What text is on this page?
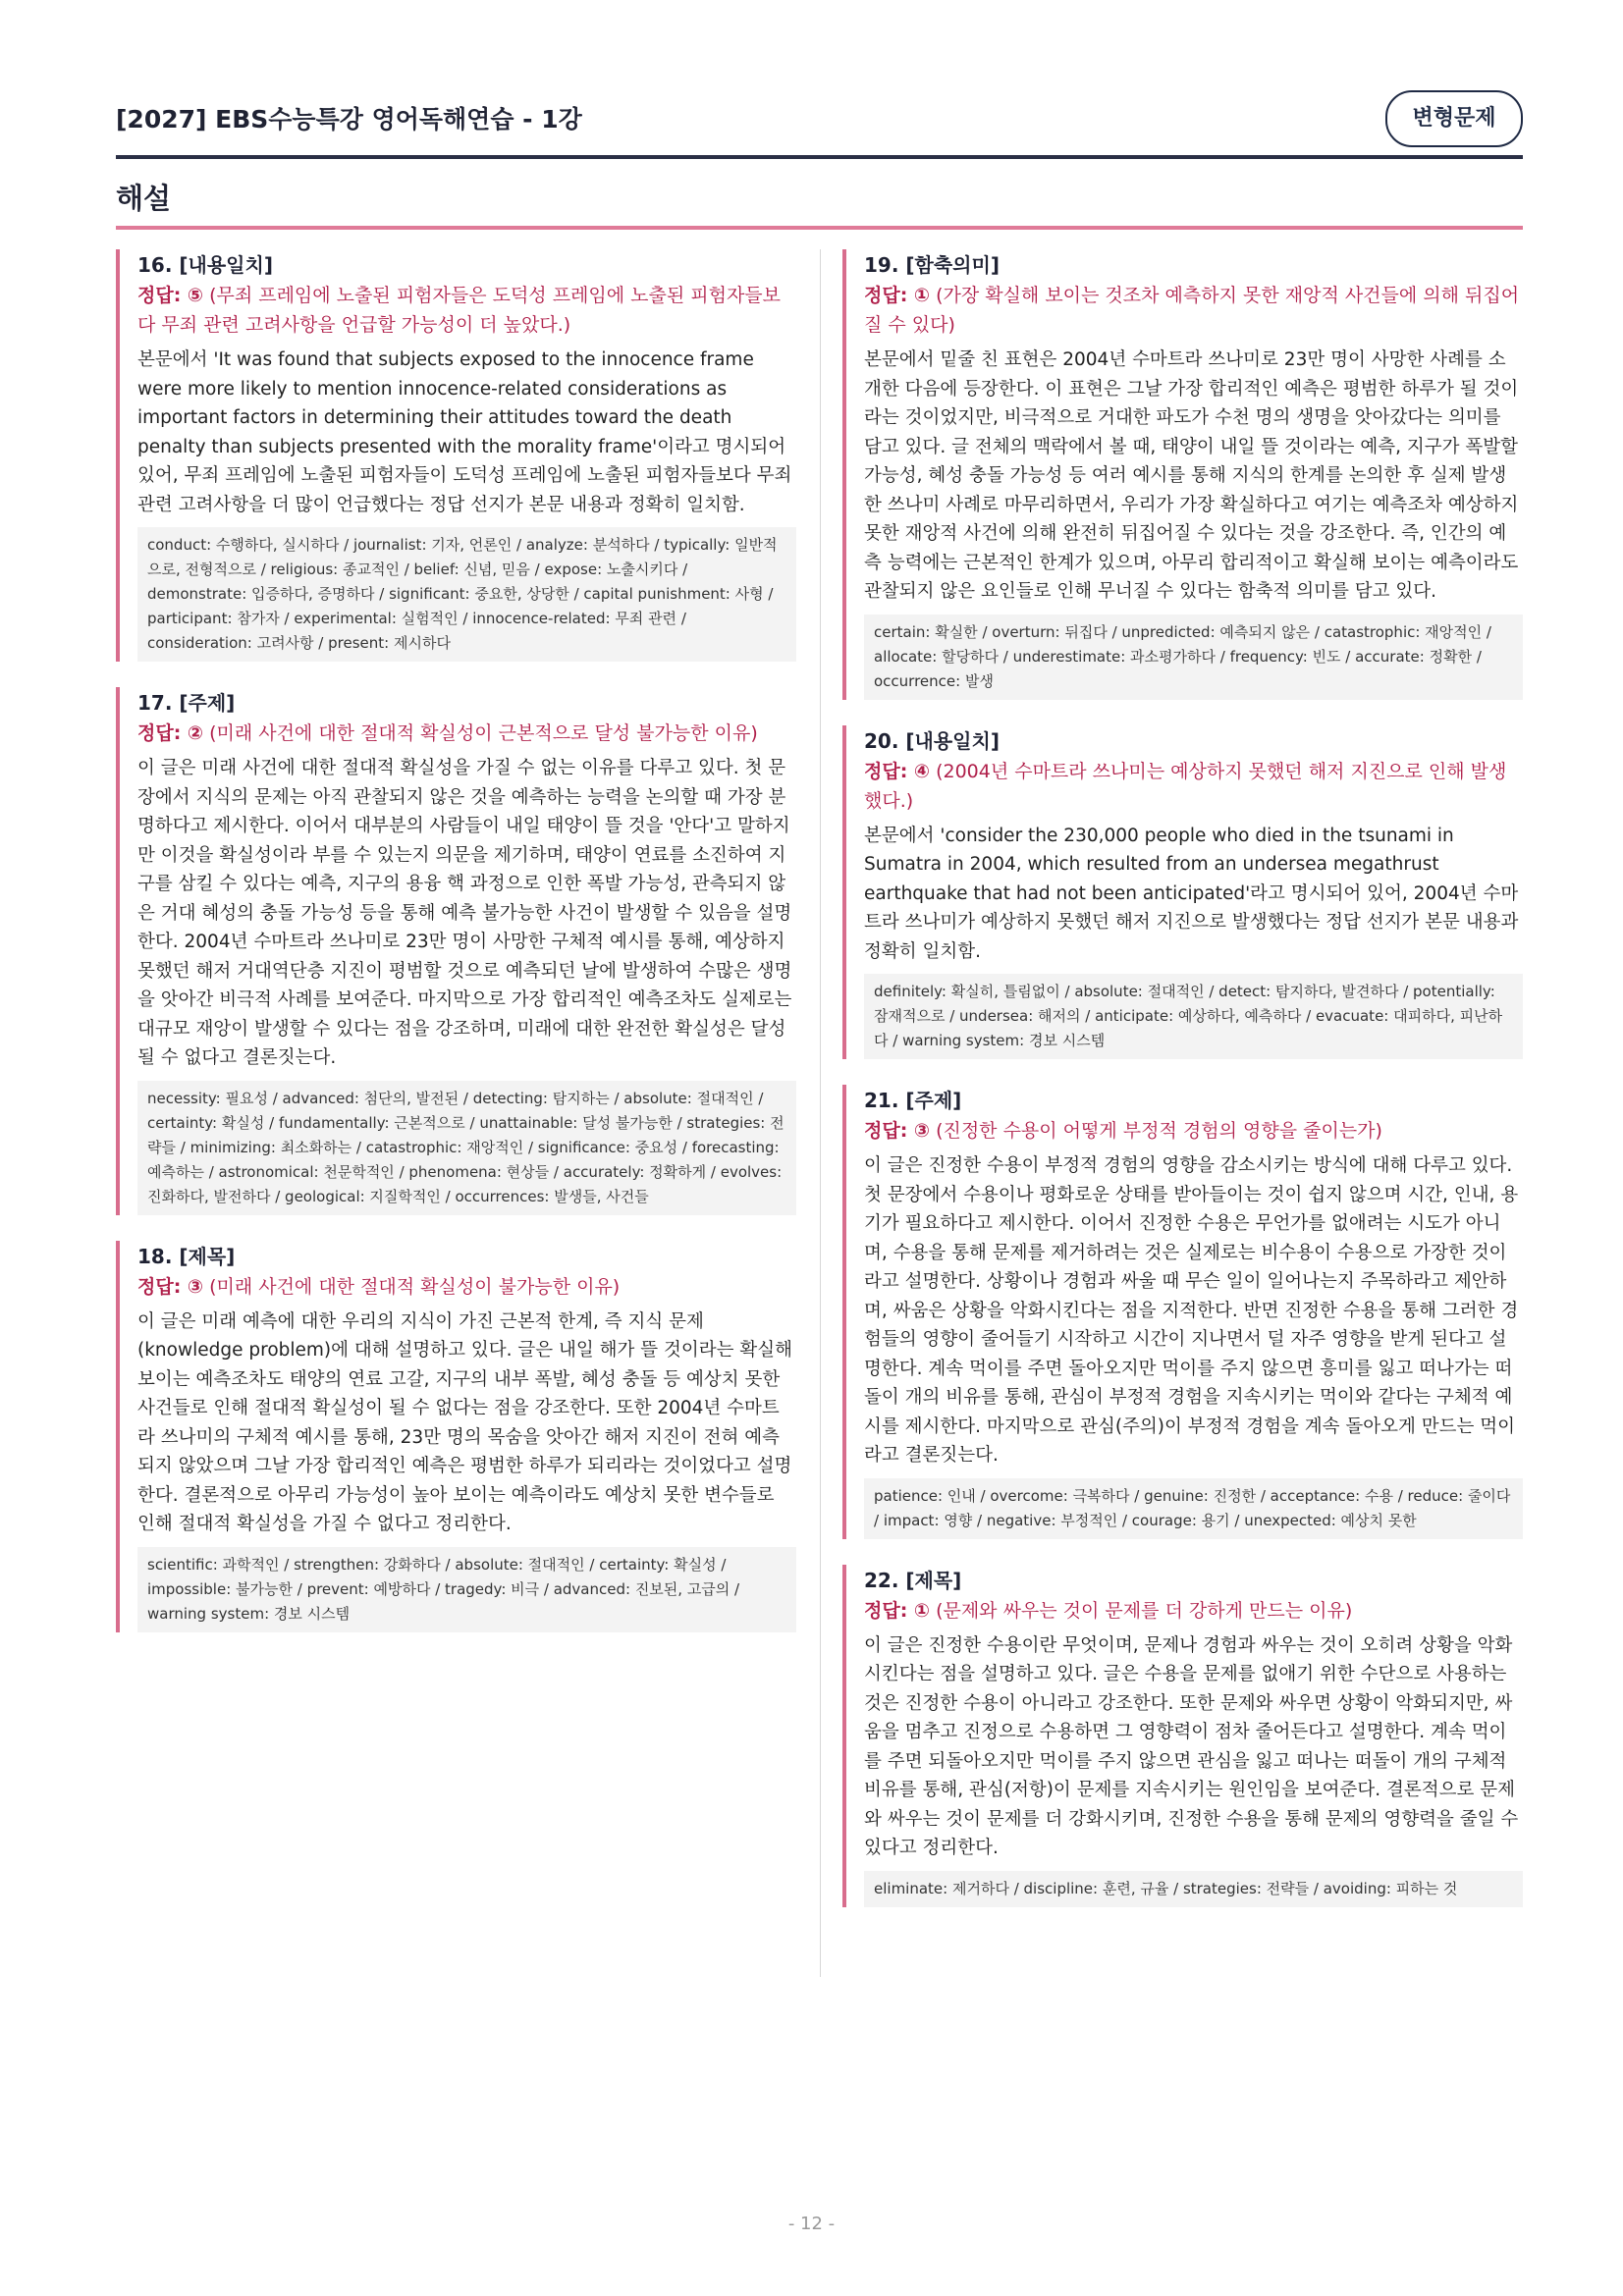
[2027] EBS수능특강 영어독해연습 - 1강	변형문제
해설
16. [내용일치]
정답: ⑤ (무죄 프레임에 노출된 피험자들은 도덕성 프레임에 노출된 피험자들보다 무죄 관련 고려사항을 언급할 가능성이 더 높았다.)
본문에서 'It was found that subjects exposed to the innocence frame were more likely to mention innocence-related considerations as important factors in determining their attitudes toward the death penalty than subjects presented with the morality frame'이라고 명시되어 있어, 무죄 프레임에 노출된 피험자들이 도덕성 프레임에 노출된 피험자들보다 무죄 관련 고려사항을 더 많이 언급했다는 정답 선지가 본문 내용과 정확히 일치함.
conduct: 수행하다, 실시하다 / journalist: 기자, 언론인 / analyze: 분석하다 / typically: 일반적으로, 전형적으로 / religious: 종교적인 / belief: 신념, 믿음 / expose: 노출시키다 / demonstrate: 입증하다, 증명하다 / significant: 중요한, 상당한 / capital punishment: 사형 / participant: 참가자 / experimental: 실험적인 / innocence-related: 무죄 관련 / consideration: 고려사항 / present: 제시하다
17. [주제]
정답: ② (미래 사건에 대한 절대적 확실성이 근본적으로 달성 불가능한 이유)
이 글은 미래 사건에 대한 절대적 확실성을 가질 수 없는 이유를 다루고 있다. 첫 문장에서 지식의 문제는 아직 관찰되지 않은 것을 예측하는 능력을 논의할 때 가장 분명하다고 제시한다. 이어서 대부분의 사람들이 내일 태양이 뜰 것을 '안다'고 말하지만 이것을 확실성이라 부를 수 있는지 의문을 제기하며, 태양이 연료를 소진하여 지구를 삼킬 수 있다는 예측, 지구의 용융 핵 과정으로 인한 폭발 가능성, 관측되지 않은 거대 혜성의 충돌 가능성 등을 통해 예측 불가능한 사건이 발생할 수 있음을 설명한다. 2004년 수마트라 쓰나미로 23만 명이 사망한 구체적 예시를 통해, 예상하지 못했던 해저 거대역단층 지진이 평범할 것으로 예측되던 날에 발생하여 수많은 생명을 앗아간 비극적 사례를 보여준다. 마지막으로 가장 합리적인 예측조차도 실제로는 대규모 재앙이 발생할 수 있다는 점을 강조하며, 미래에 대한 완전한 확실성은 달성될 수 없다고 결론짓는다.
necessity: 필요성 / advanced: 첨단의, 발전된 / detecting: 탐지하는 / absolute: 절대적인 / certainty: 확실성 / fundamentally: 근본적으로 / unattainable: 달성 불가능한 / strategies: 전략들 / minimizing: 최소화하는 / catastrophic: 재앙적인 / significance: 중요성 / forecasting: 예측하는 / astronomical: 천문학적인 / phenomena: 현상들 / accurately: 정확하게 / evolves: 진화하다, 발전하다 / geological: 지질학적인 / occurrences: 발생들, 사건들
18. [제목]
정답: ③ (미래 사건에 대한 절대적 확실성이 불가능한 이유)
이 글은 미래 예측에 대한 우리의 지식이 가진 근본적 한계, 즉 지식 문제(knowledge problem)에 대해 설명하고 있다. 글은 내일 해가 뜰 것이라는 확실해 보이는 예측조차도 태양의 연료 고갈, 지구의 내부 폭발, 혜성 충돌 등 예상치 못한 사건들로 인해 절대적 확실성이 될 수 없다는 점을 강조한다. 또한 2004년 수마트라 쓰나미의 구체적 예시를 통해, 23만 명의 목숨을 앗아간 해저 지진이 전혀 예측되지 않았으며 그날 가장 합리적인 예측은 평범한 하루가 되리라는 것이었다고 설명한다. 결론적으로 아무리 가능성이 높아 보이는 예측이라도 예상치 못한 변수들로 인해 절대적 확실성을 가질 수 없다고 정리한다.
scientific: 과학적인 / strengthen: 강화하다 / absolute: 절대적인 / certainty: 확실성 / impossible: 불가능한 / prevent: 예방하다 / tragedy: 비극 / advanced: 진보된, 고급의 / warning system: 경보 시스템
19. [함축의미]
정답: ① (가장 확실해 보이는 것조차 예측하지 못한 재앙적 사건들에 의해 뒤집어질 수 있다)
본문에서 밑줄 친 표현은 2004년 수마트라 쓰나미로 23만 명이 사망한 사례를 소개한 다음에 등장한다. 이 표현은 그날 가장 합리적인 예측은 평범한 하루가 될 것이라는 것이었지만, 비극적으로 거대한 파도가 수천 명의 생명을 앗아갔다는 의미를 담고 있다. 글 전체의 맥락에서 볼 때, 태양이 내일 뜰 것이라는 예측, 지구가 폭발할 가능성, 혜성 충돌 가능성 등 여러 예시를 통해 지식의 한계를 논의한 후 실제 발생한 쓰나미 사례로 마무리하면서, 우리가 가장 확실하다고 여기는 예측조차 예상하지 못한 재앙적 사건에 의해 완전히 뒤집어질 수 있다는 것을 강조한다. 즉, 인간의 예측 능력에는 근본적인 한계가 있으며, 아무리 합리적이고 확실해 보이는 예측이라도 관찰되지 않은 요인들로 인해 무너질 수 있다는 함축적 의미를 담고 있다.
certain: 확실한 / overturn: 뒤집다 / unpredicted: 예측되지 않은 / catastrophic: 재앙적인 / allocate: 할당하다 / underestimate: 과소평가하다 / frequency: 빈도 / accurate: 정확한 / occurrence: 발생
20. [내용일치]
정답: ④ (2004년 수마트라 쓰나미는 예상하지 못했던 해저 지진으로 인해 발생했다.)
본문에서 'consider the 230,000 people who died in the tsunami in Sumatra in 2004, which resulted from an undersea megathrust earthquake that had not been anticipated'라고 명시되어 있어, 2004년 수마트라 쓰나미가 예상하지 못했던 해저 지진으로 발생했다는 정답 선지가 본문 내용과 정확히 일치함.
definitely: 확실히, 틀림없이 / absolute: 절대적인 / detect: 탐지하다, 발견하다 / potentially: 잠재적으로 / undersea: 해저의 / anticipate: 예상하다, 예측하다 / evacuate: 대피하다, 피난하다 / warning system: 경보 시스템
21. [주제]
정답: ③ (진정한 수용이 어떻게 부정적 경험의 영향을 줄이는가)
이 글은 진정한 수용이 부정적 경험의 영향을 감소시키는 방식에 대해 다루고 있다. 첫 문장에서 수용이나 평화로운 상태를 받아들이는 것이 쉽지 않으며 시간, 인내, 용기가 필요하다고 제시한다. 이어서 진정한 수용은 무언가를 없애려는 시도가 아니며, 수용을 통해 문제를 제거하려는 것은 실제로는 비수용이 수용으로 가장한 것이라고 설명한다. 상황이나 경험과 싸울 때 무슨 일이 일어나는지 주목하라고 제안하며, 싸움은 상황을 악화시킨다는 점을 지적한다. 반면 진정한 수용을 통해 그러한 경험들의 영향이 줄어들기 시작하고 시간이 지나면서 덜 자주 영향을 받게 된다고 설명한다. 계속 먹이를 주면 돌아오지만 먹이를 주지 않으면 흥미를 잃고 떠나가는 떠돌이 개의 비유를 통해, 관심이 부정적 경험을 지속시키는 먹이와 같다는 구체적 예시를 제시한다. 마지막으로 관심(주의)이 부정적 경험을 계속 돌아오게 만드는 먹이라고 결론짓는다.
patience: 인내 / overcome: 극복하다 / genuine: 진정한 / acceptance: 수용 / reduce: 줄이다 / impact: 영향 / negative: 부정적인 / courage: 용기 / unexpected: 예상치 못한
22. [제목]
정답: ① (문제와 싸우는 것이 문제를 더 강하게 만드는 이유)
이 글은 진정한 수용이란 무엇이며, 문제나 경험과 싸우는 것이 오히려 상황을 악화시킨다는 점을 설명하고 있다. 글은 수용을 문제를 없애기 위한 수단으로 사용하는 것은 진정한 수용이 아니라고 강조한다. 또한 문제와 싸우면 상황이 악화되지만, 싸움을 멈추고 진정으로 수용하면 그 영향력이 점차 줄어든다고 설명한다. 계속 먹이를 주면 되돌아오지만 먹이를 주지 않으면 관심을 잃고 떠나는 떠돌이 개의 구체적 비유를 통해, 관심(저항)이 문제를 지속시키는 원인임을 보여준다. 결론적으로 문제와 싸우는 것이 문제를 더 강화시키며, 진정한 수용을 통해 문제의 영향력을 줄일 수 있다고 정리한다.
eliminate: 제거하다 / discipline: 훈련, 규율 / strategies: 전략들 / avoiding: 피하는 것
- 12 -
